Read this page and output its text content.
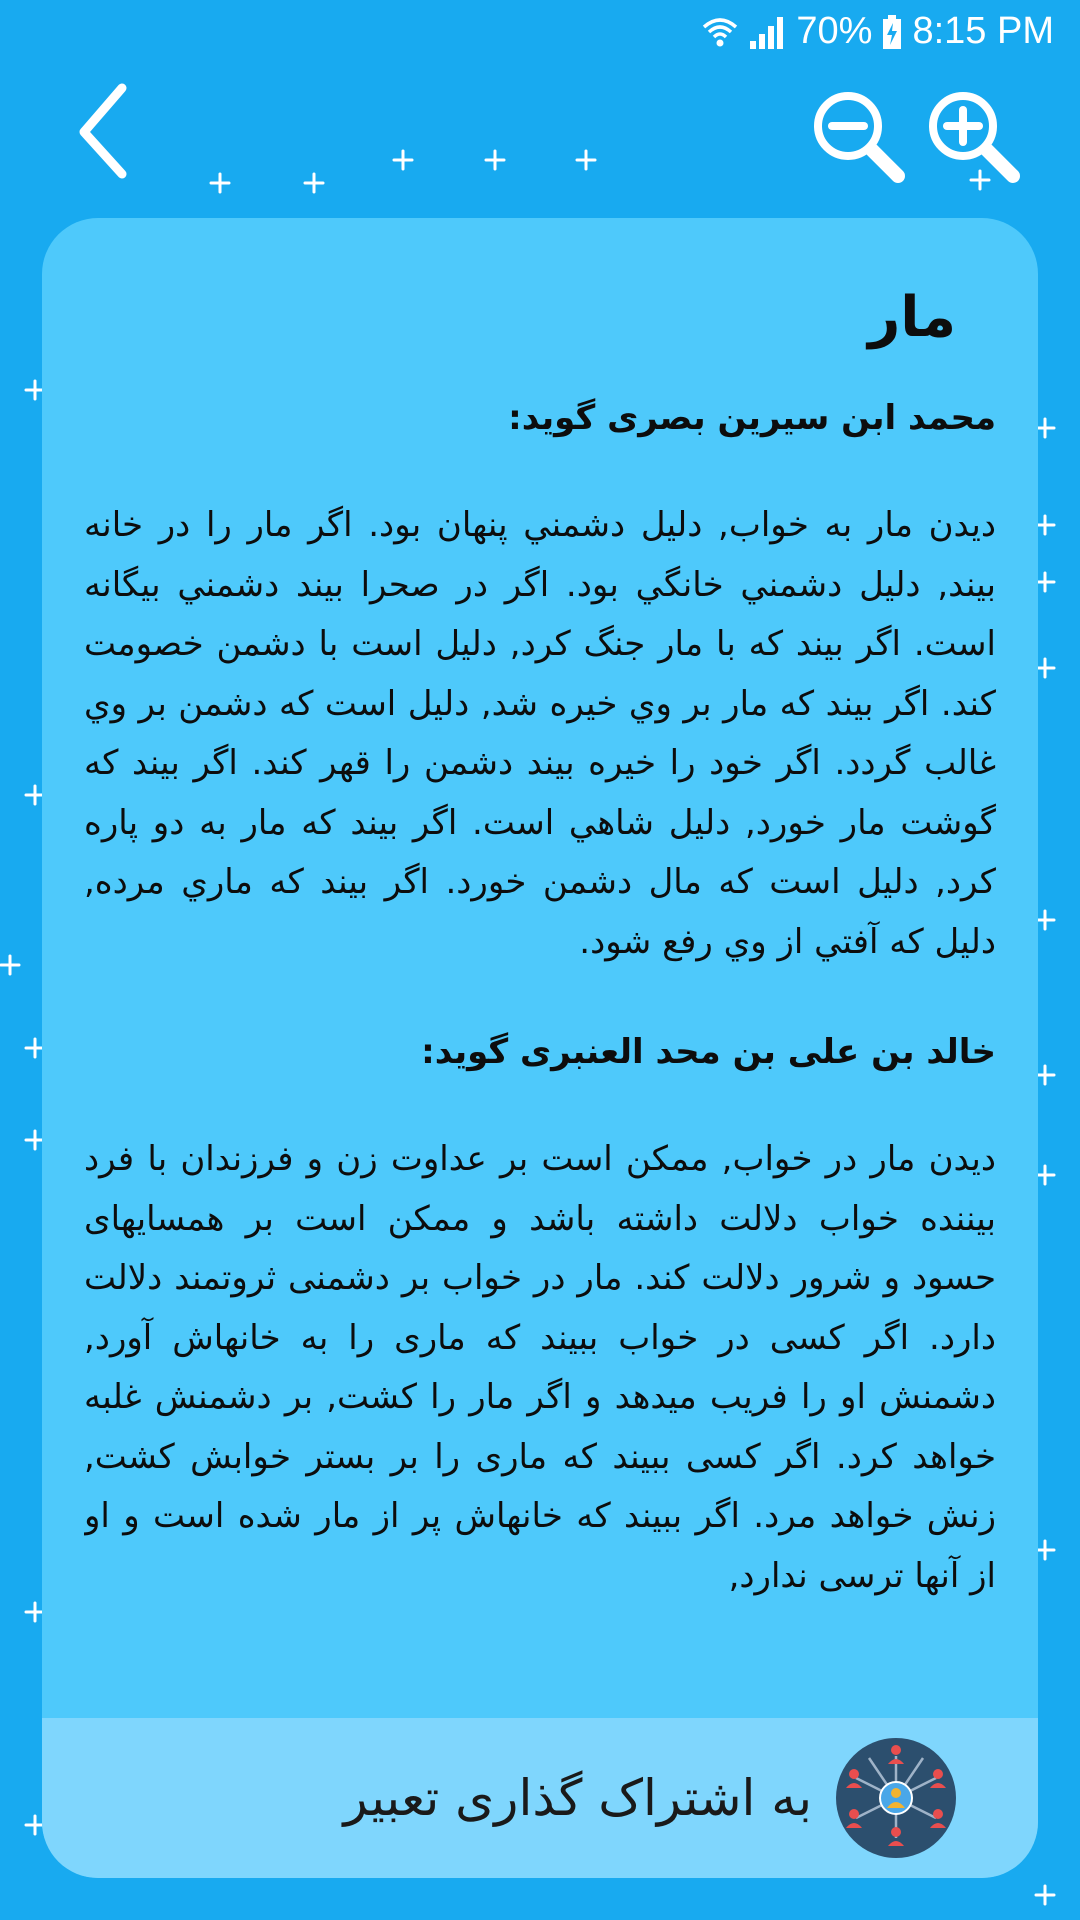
70% 8:15 PM
مار
محمد ابن سیرین بصری گوید:

دیدن مار به خواب, دلیل دشمني پنهان بود. اگر مار را در خانه بیند, دلیل دشمني خانگي بود. اگر در صحرا بیند دشمني بیگانه است. اگر بیند که با مار جنگ کرد, دلیل است با دشمن خصومت کند. اگر بیند که مار بر وي خیره شد, دلیل است که دشمن بر وي غالب گردد. اگر خود را خیره بیند دشمن را قهر کند. اگر بیند که گوشت مار خورد, دلیل شاهي است. اگر بیند که مار به دو پاره کرد, دلیل است که مال دشمن خورد. اگر بیند که ماري مرده, دلیل که آفتي از وي رفع شود.

خالد بن علی بن محد العنبری گوید:

دیدن مار در خواب, ممکن است بر عداوت زن و فرزندان با فرد بیننده خواب دلالت داشته باشد و ممکن است بر همسایهای حسود و شرور دلالت کند. مار در خواب بر دشمنی ثروتمند دلالت دارد. اگر کسی در خواب ببیند که ماری را به خانهاش آورد, دشمنش او را فریب میدهد و اگر مار را کشت, بر دشمنش غلبه خواهد کرد. اگر کسی ببیند که ماری را بر بستر خوابش کشت, زنش خواهد مرد. اگر ببیند که خانهاش پر از مار شده است و او از آنها ترسی ندارد,

به اشتراک گذاری تعبیر
